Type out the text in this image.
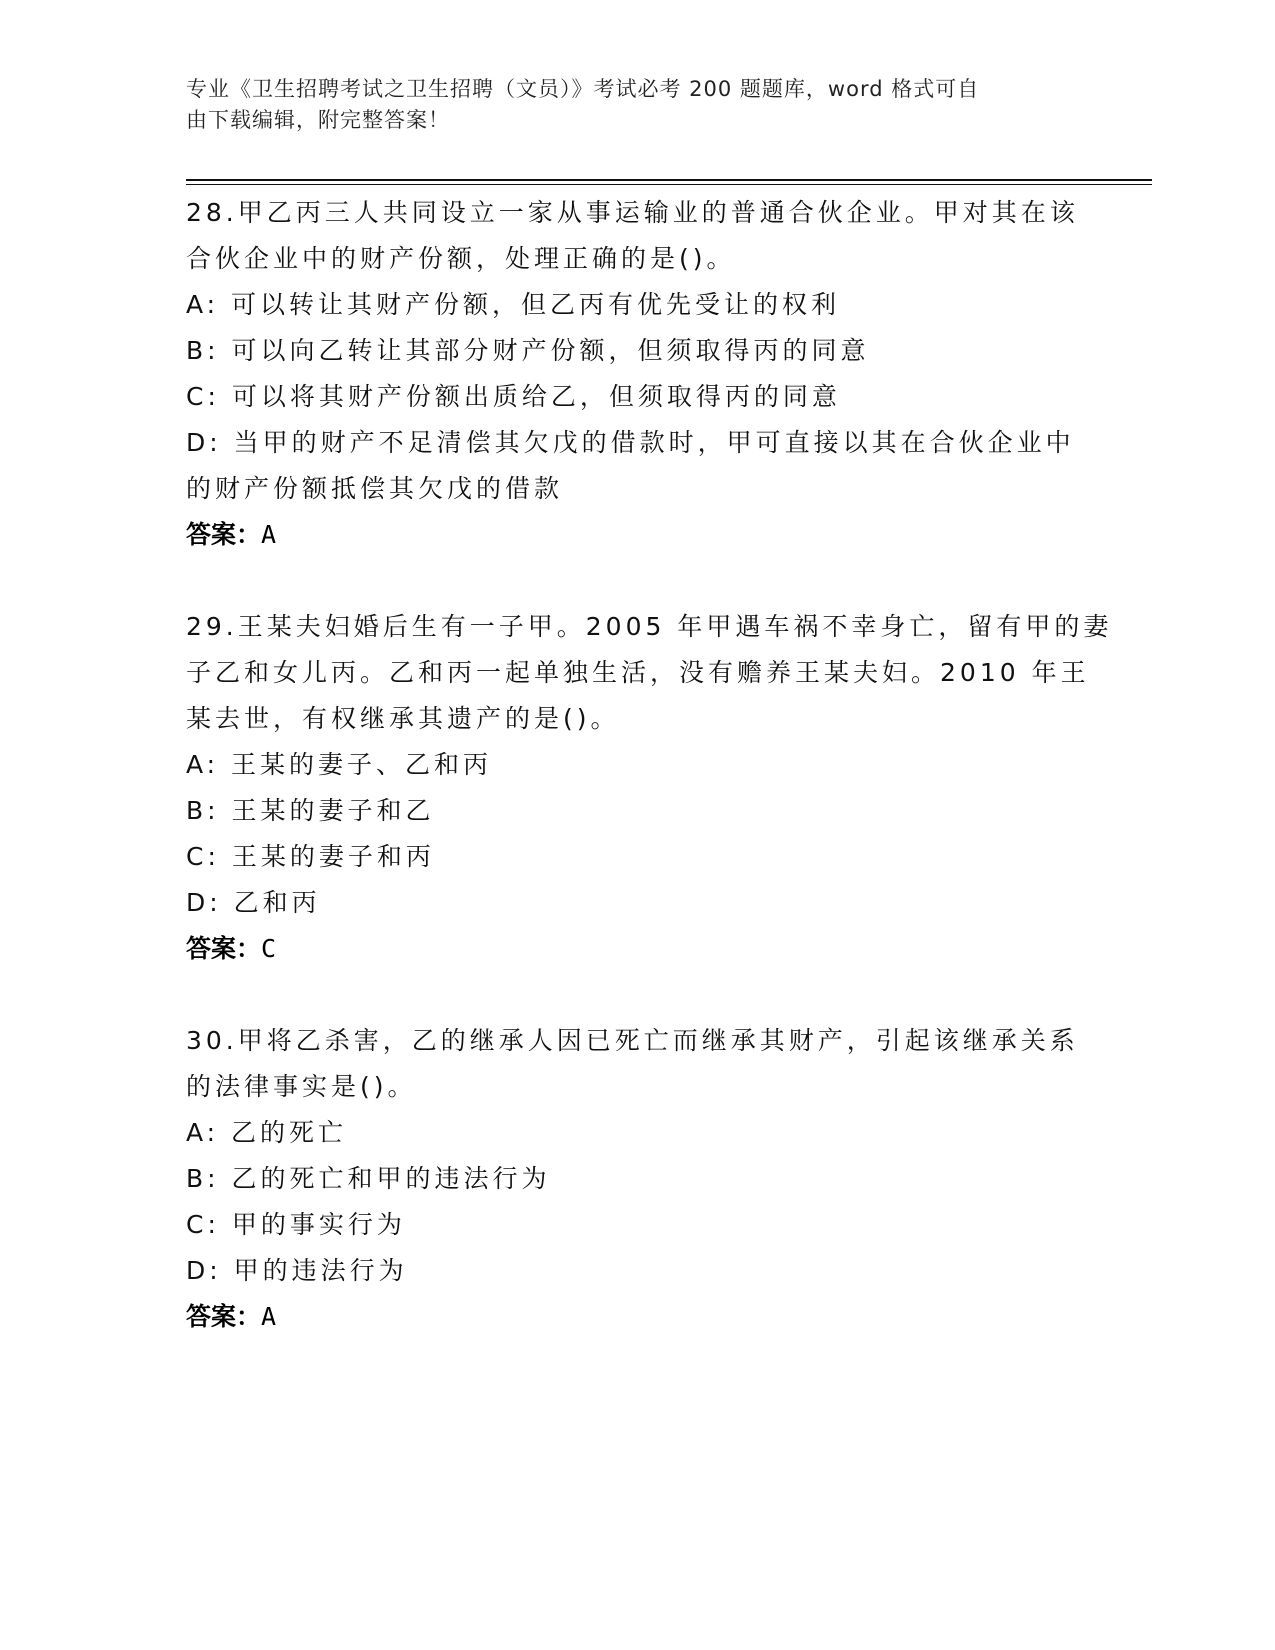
专业《卫生招聘考试之卫生招聘（文员）》考试必考 200 题题库，word 格式可自
由下载编辑，附完整答案！
28.甲乙丙三人共同设立一家从事运输业的普通合伙企业。甲对其在该
合伙企业中的财产份额，处理正确的是()。
A: 可以转让其财产份额，但乙丙有优先受让的权利
B: 可以向乙转让其部分财产份额，但须取得丙的同意
C: 可以将其财产份额出质给乙，但须取得丙的同意
D: 当甲的财产不足清偿其欠戊的借款时，甲可直接以其在合伙企业中
的财产份额抵偿其欠戊的借款
答案：A
29.王某夫妇婚后生有一子甲。2005 年甲遇车祸不幸身亡，留有甲的妻
子乙和女儿丙。乙和丙一起单独生活，没有赡养王某夫妇。2010 年王
某去世，有权继承其遗产的是()。
A: 王某的妻子、乙和丙
B: 王某的妻子和乙
C: 王某的妻子和丙
D: 乙和丙
答案：C
30.甲将乙杀害，乙的继承人因已死亡而继承其财产，引起该继承关系
的法律事实是()。
A: 乙的死亡
B: 乙的死亡和甲的违法行为
C: 甲的事实行为
D: 甲的违法行为
答案：A
